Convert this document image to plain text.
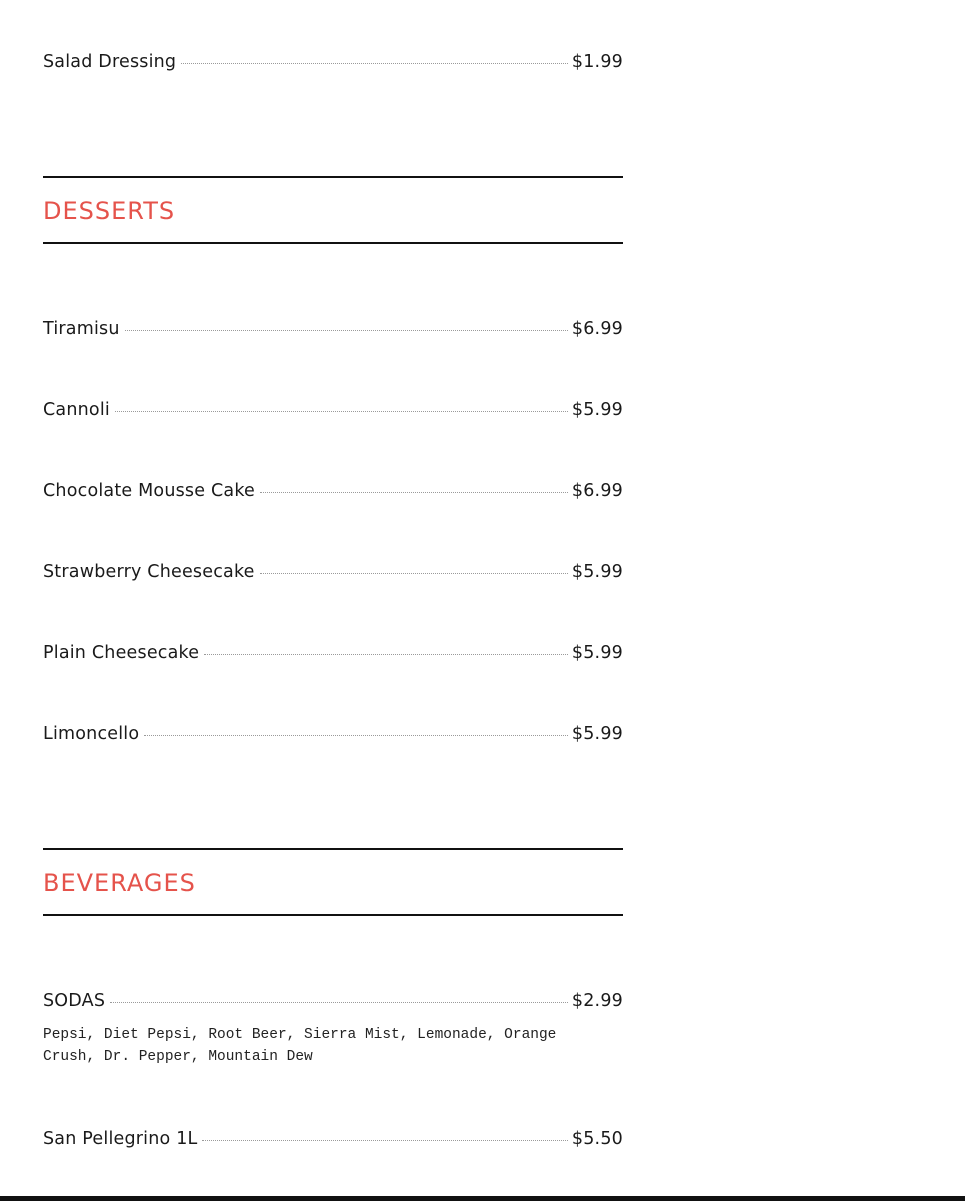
Salad Dressing	$1.99
DESSERTS
Tiramisu	$6.99
Cannoli	$5.99
Chocolate Mousse Cake	$6.99
Strawberry Cheesecake	$5.99
Plain Cheesecake	$5.99
Limoncello	$5.99
BEVERAGES
SODAS	$2.99
Pepsi, Diet Pepsi, Root Beer, Sierra Mist, Lemonade, Orange Crush, Dr. Pepper, Mountain Dew
San Pellegrino 1L	$5.50
